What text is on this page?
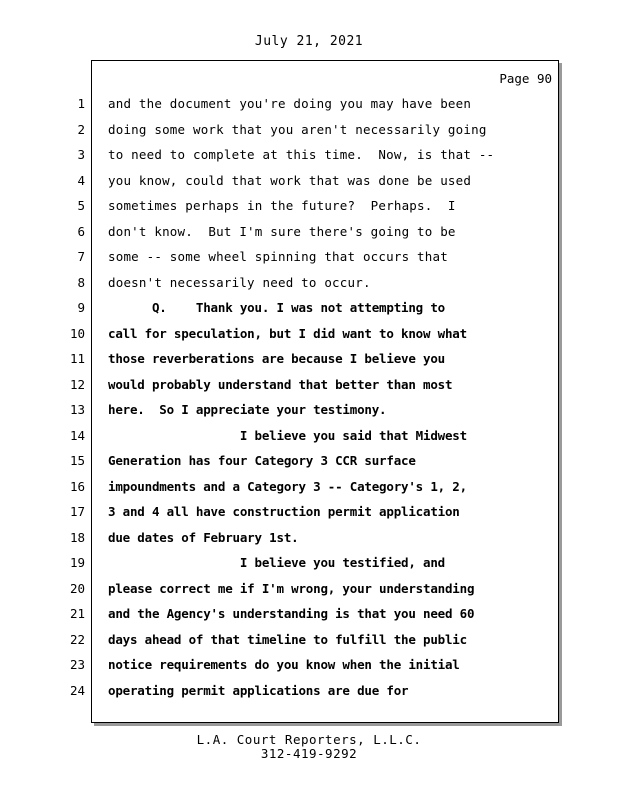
July 21, 2021
Page 90
1 and the document you're doing you may have been
2 doing some work that you aren't necessarily going
3 to need to complete at this time.  Now, is that --
4 you know, could that work that was done be used
5 sometimes perhaps in the future?  Perhaps.  I
6 don't know.  But I'm sure there's going to be
7 some -- some wheel spinning that occurs that
8 doesn't necessarily need to occur.
9 Q.    Thank you. I was not attempting to
10 call for speculation, but I did want to know what
11 those reverberations are because I believe you
12 would probably understand that better than most
13 here.  So I appreciate your testimony.
14 I believe you said that Midwest
15 Generation has four Category 3 CCR surface
16 impoundments and a Category 3 -- Category's 1, 2,
17 3 and 4 all have construction permit application
18 due dates of February 1st.
19 I believe you testified, and
20 please correct me if I'm wrong, your understanding
21 and the Agency's understanding is that you need 60
22 days ahead of that timeline to fulfill the public
23 notice requirements do you know when the initial
24 operating permit applications are due for
L.A. Court Reporters, L.L.C.
312-419-9292
